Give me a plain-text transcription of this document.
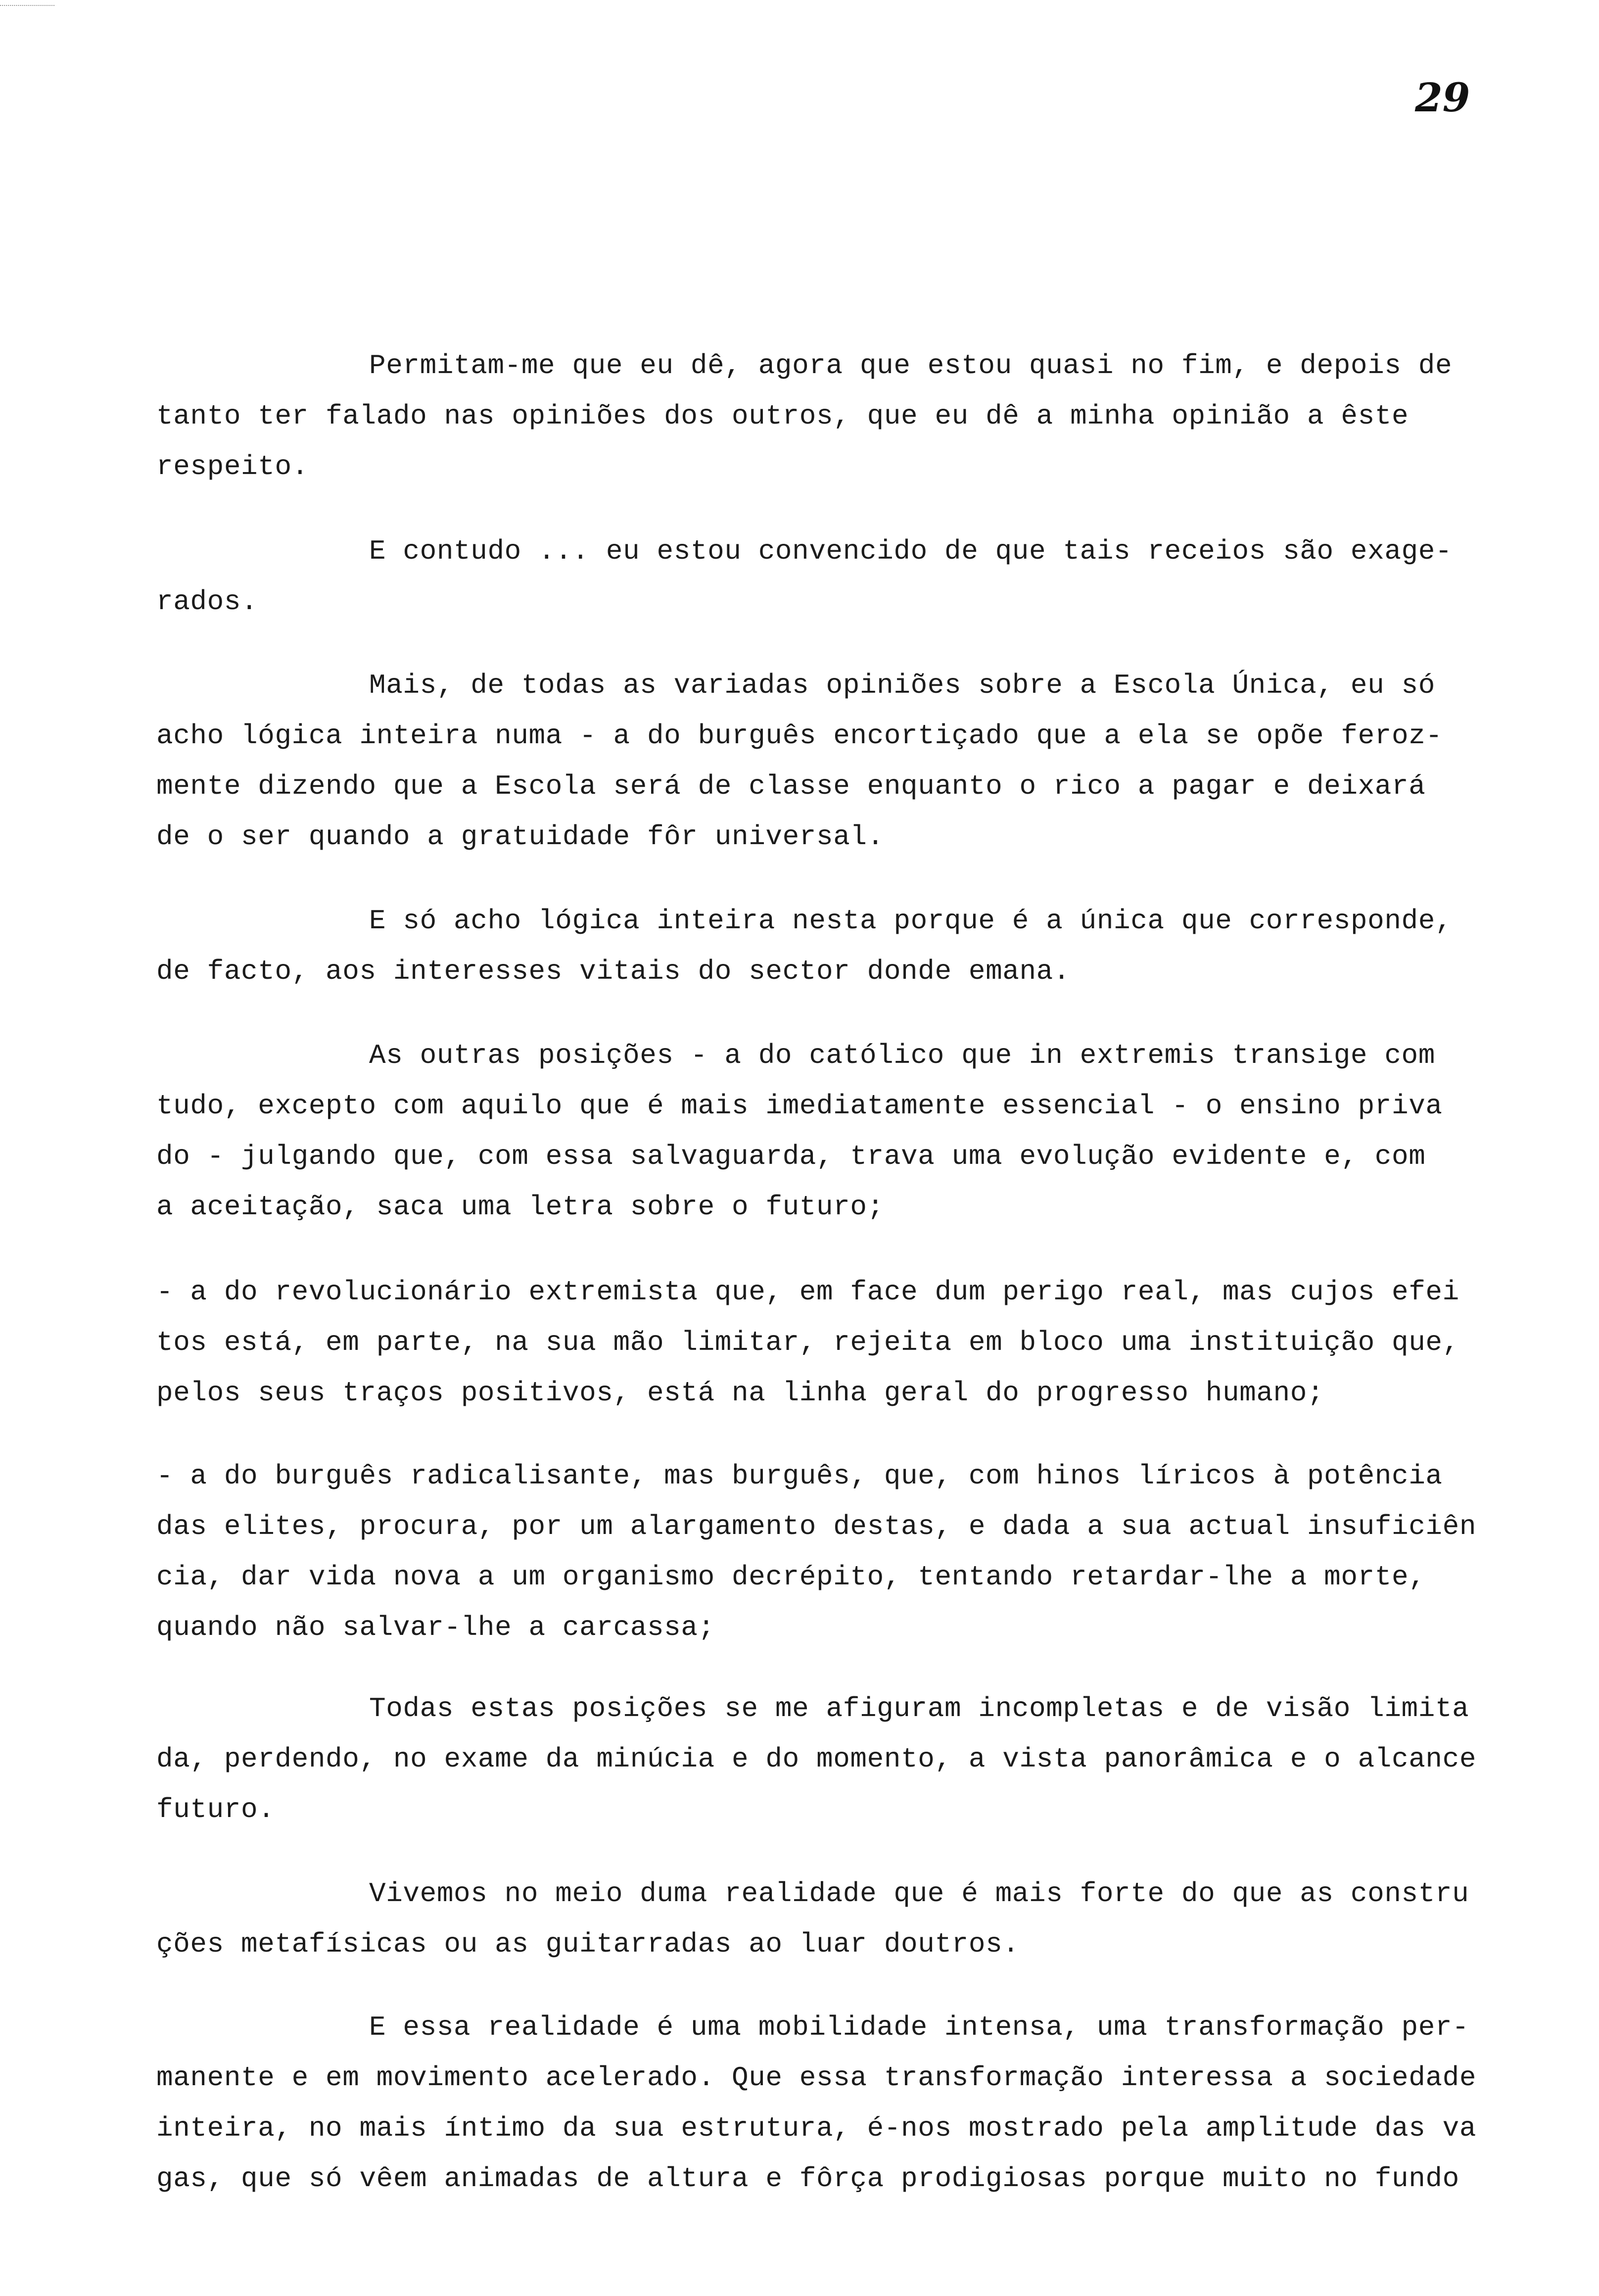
29
Permitam-me que eu dê, agora que estou quasi no fim, e depois de
tanto ter falado nas opiniões dos outros, que eu dê a minha opinião a êste
respeito.
E contudo ... eu estou convencido de que tais receios são exage-
rados.
Mais, de todas as variadas opiniões sobre a Escola Única, eu só
acho lógica inteira numa - a do burguês encortiçado que a ela se opõe feroz-
mente dizendo que a Escola será de classe enquanto o rico a pagar e deixará
de o ser quando a gratuidade fôr universal.
E só acho lógica inteira nesta porque é a única que corresponde,
de facto, aos interesses vitais do sector donde emana.
As outras posições - a do católico que in extremis transige com
tudo, excepto com aquilo que é mais imediatamente essencial - o ensino priva
do - julgando que, com essa salvaguarda, trava uma evolução evidente e, com
a aceitação, saca uma letra sobre o futuro;
- a do revolucionário extremista que, em face dum perigo real, mas cujos efei
tos está, em parte, na sua mão limitar, rejeita em bloco uma instituição que,
pelos seus traços positivos, está na linha geral do progresso humano;
- a do burguês radicalisante, mas burguês, que, com hinos líricos à potência
das elites, procura, por um alargamento destas, e dada a sua actual insuficiên
cia, dar vida nova a um organismo decrépito, tentando retardar-lhe a morte,
quando não salvar-lhe a carcassa;
Todas estas posições se me afiguram incompletas e de visão limita
da, perdendo, no exame da minúcia e do momento, a vista panorâmica e o alcance
futuro.
Vivemos no meio duma realidade que é mais forte do que as constru
ções metafísicas ou as guitarradas ao luar doutros.
E essa realidade é uma mobilidade intensa, uma transformação per-
manente e em movimento acelerado. Que essa transformação interessa a sociedade
inteira, no mais íntimo da sua estrutura, é-nos mostrado pela amplitude das va
gas, que só vêem animadas de altura e fôrça prodigiosas porque muito no fundo
